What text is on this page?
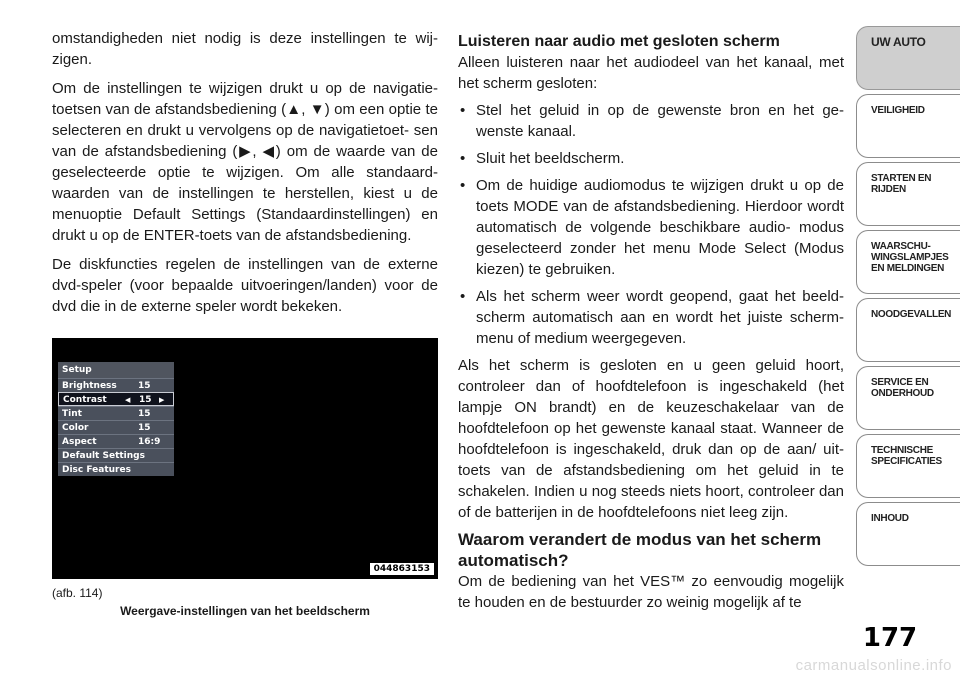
omstandigheden niet nodig is deze instellingen te wij- zigen.

Om de instellingen te wijzigen drukt u op de navigatie- toetsen van de afstandsbediening (▲, ▼) om een optie te selecteren en drukt u vervolgens op de navigatietoet- sen van de afstandsbediening (▶, ◀) om de waarde van de geselecteerde optie te wijzigen. Om alle standaard- waarden van de instellingen te herstellen, kiest u de menuoptie Default Settings (Standaardinstellingen) en drukt u op de ENTER-toets van de afstandsbediening.

De diskfuncties regelen de instellingen van de externe dvd-speler (voor bepaalde uitvoeringen/landen) voor de dvd die in de externe speler wordt bekeken.

Setup
Brightness 15
Contrast	◀ 15 ▶
Tint	15
Color	15
Aspect	16:9
Default Settings
Disc Features
044863153
(afb. 114)
Weergave-instellingen van het beeldscherm
Luisteren naar audio met gesloten scherm

Alleen luisteren naar het audiodeel van het kanaal, met het scherm gesloten:

• Stel het geluid in op de gewenste bron en het ge- wenste kanaal.
• Sluit het beeldscherm.
• Om de huidige audiomodus te wijzigen drukt u op de toets MODE van de afstandsbediening. Hierdoor wordt automatisch de volgende beschikbare audio- modus geselecteerd zonder het menu Mode Select (Modus kiezen) te gebruiken.
• Als het scherm weer wordt geopend, gaat het beeld- scherm automatisch aan en wordt het juiste scherm- menu of medium weergegeven.

Als het scherm is gesloten en u geen geluid hoort, controleer dan of hoofdtelefoon is ingeschakeld (het lampje ON brandt) en de keuzeschakelaar van de hoofdtelefoon op het gewenste kanaal staat. Wanneer de hoofdtelefoon is ingeschakeld, druk dan op de aan/ uit-toets van de afstandsbediening om het geluid in te schakelen. Indien u nog steeds niets hoort, controleer dan of de batterijen in de hoofdtelefoons niet leeg zijn.

Waarom verandert de modus van het scherm automatisch?

Om de bediening van het VES™ zo eenvoudig mogelijk te houden en de bestuurder zo weinig mogelijk af te

UW AUTO
VEILIGHEID
STARTEN EN RIJDEN
WAARSCHU- WINGSLAMPJES EN MELDINGEN
NOODGEVALLEN
SERVICE EN ONDERHOUD
TECHNISCHE SPECIFICATIES
INHOUD
177
carmanualsonline.info
